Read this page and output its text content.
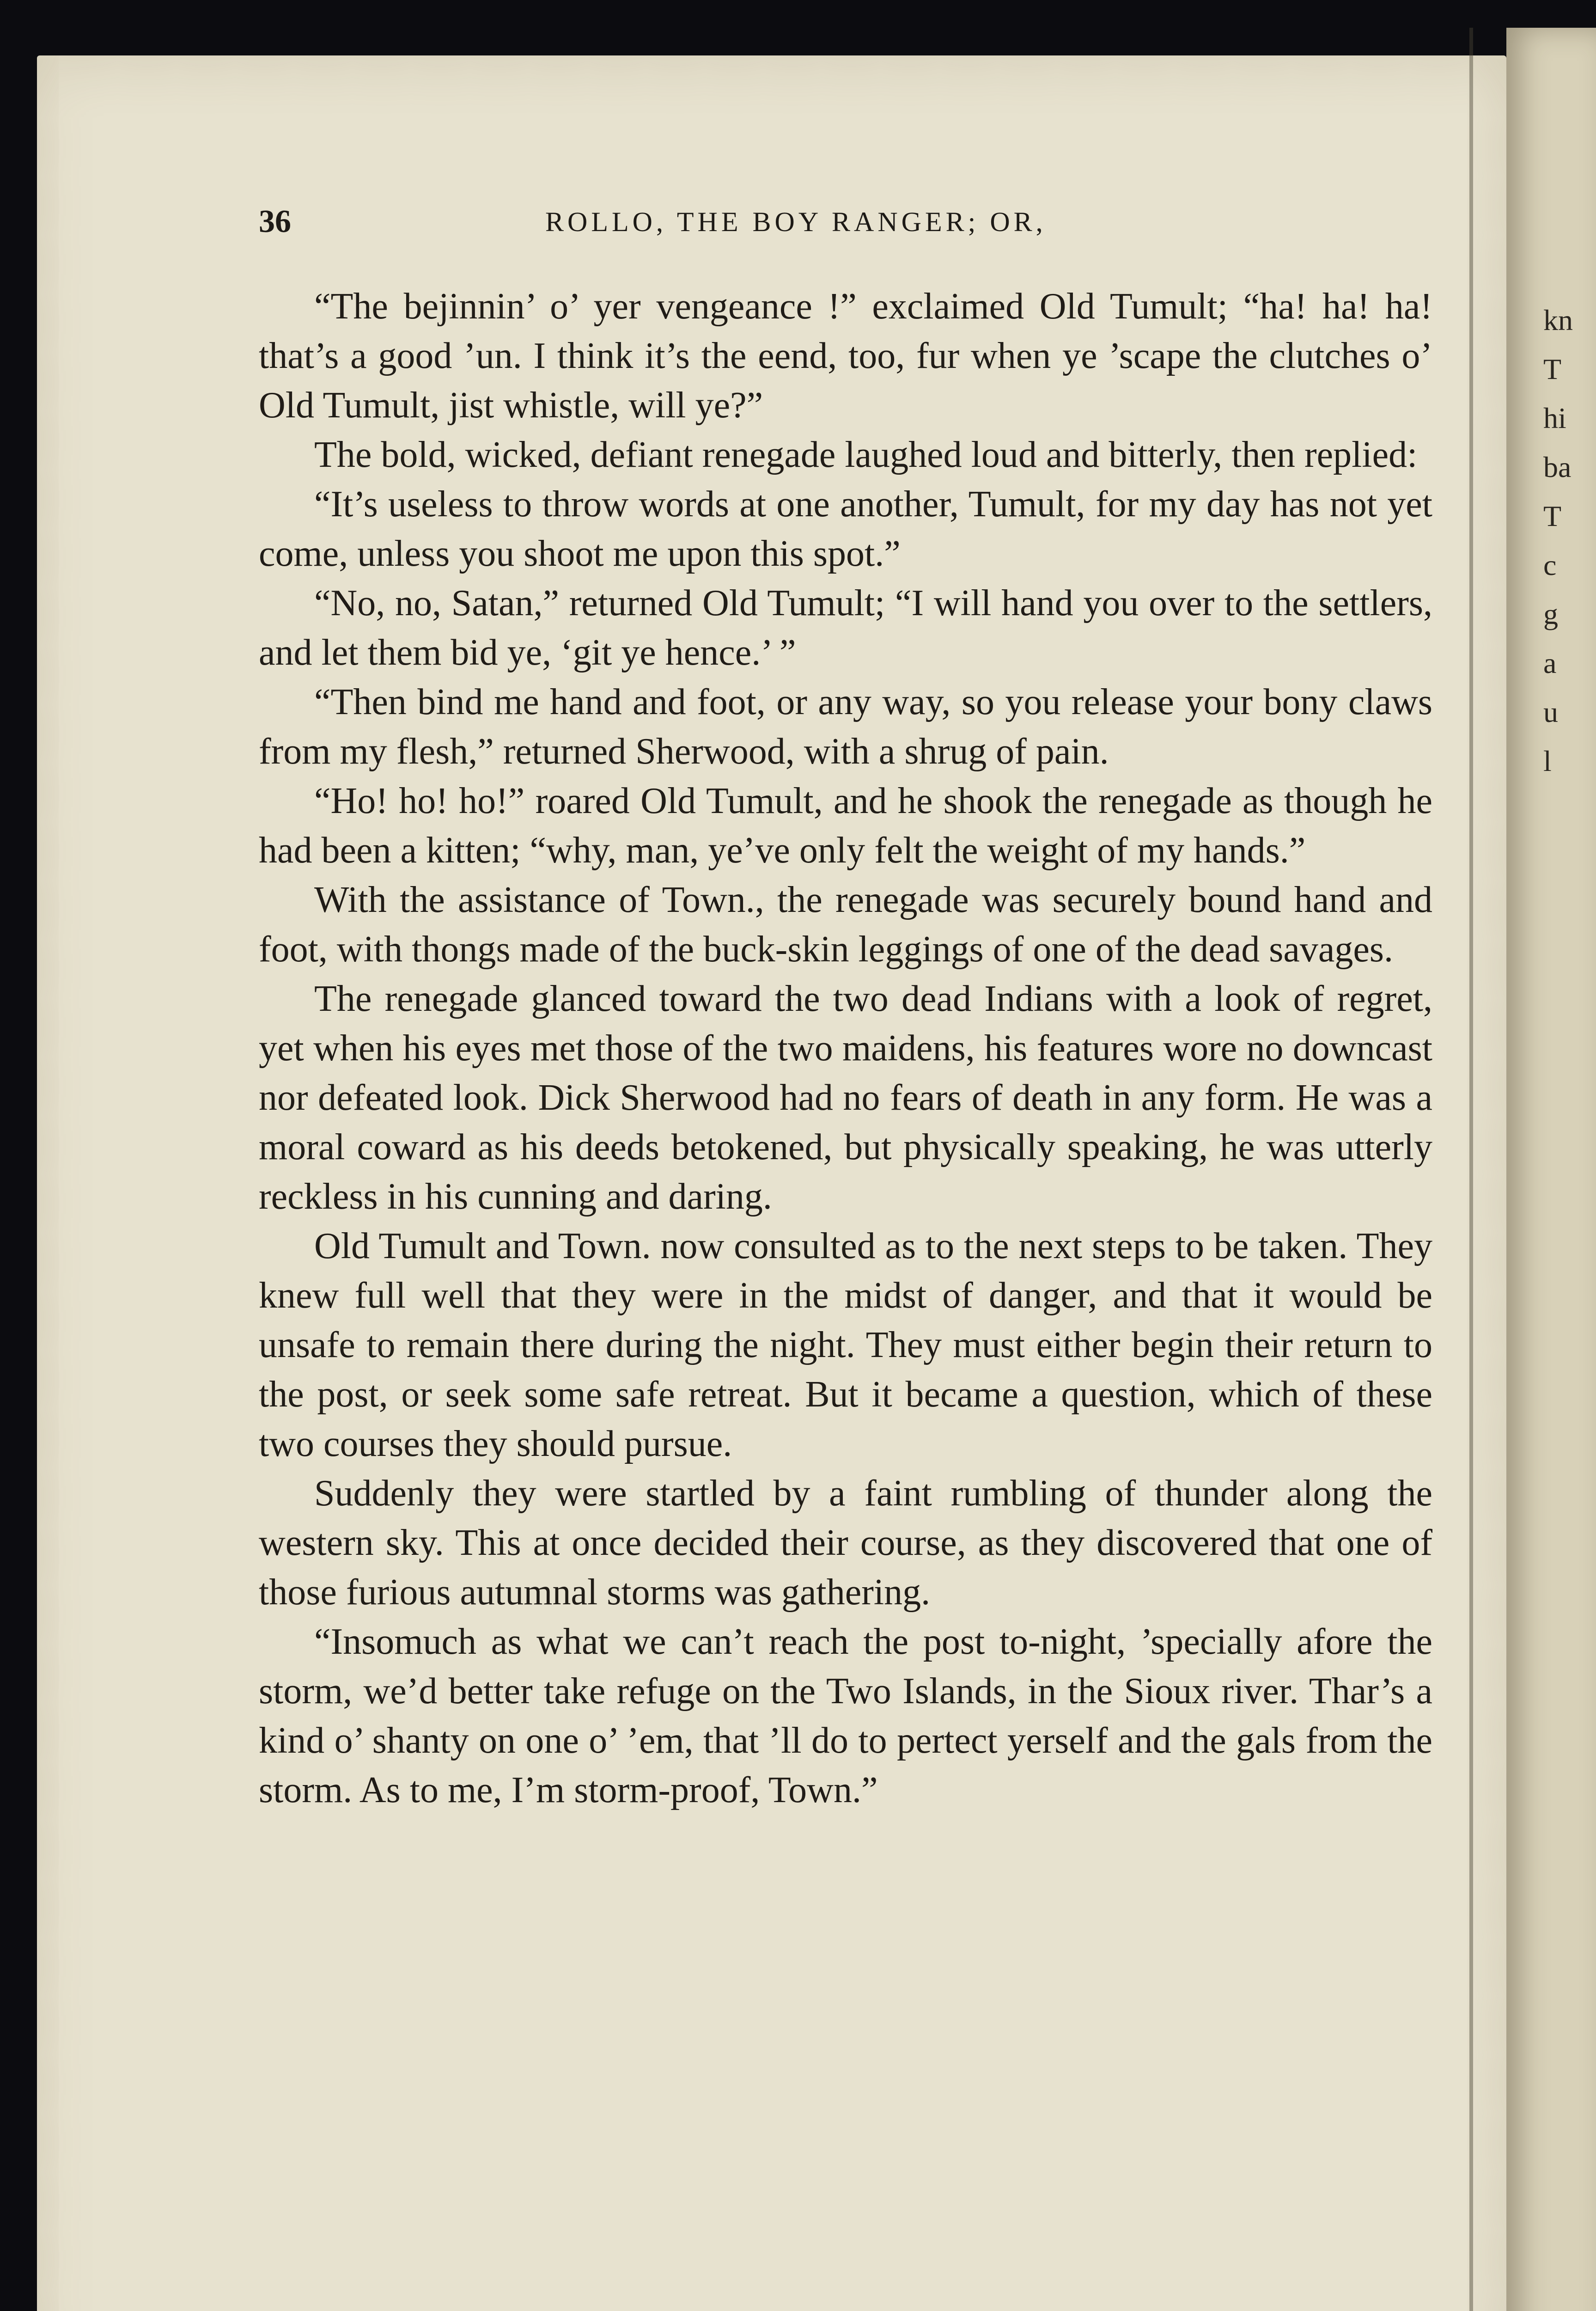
kn
T
hi
ba
T
c
g
a
u
l
36	ROLLO, THE BOY RANGER; OR,

“The bejinnin’ o’ yer vengeance !” exclaimed Old Tumult; “ha! ha! ha! that’s a good ’un. I think it’s the eend, too, fur when ye ’scape the clutches o’ Old Tumult, jist whistle, will ye?”

The bold, wicked, defiant renegade laughed loud and bitterly, then replied:

“It’s useless to throw words at one another, Tumult, for my day has not yet come, unless you shoot me upon this spot.”

“No, no, Satan,” returned Old Tumult; “I will hand you over to the settlers, and let them bid ye, ‘git ye hence.’ ”

“Then bind me hand and foot, or any way, so you release your bony claws from my flesh,” returned Sherwood, with a shrug of pain.

“Ho! ho! ho!” roared Old Tumult, and he shook the renegade as though he had been a kitten; “why, man, ye’ve only felt the weight of my hands.”

With the assistance of Town., the renegade was securely bound hand and foot, with thongs made of the buck-skin leggings of one of the dead savages.

The renegade glanced toward the two dead Indians with a look of regret, yet when his eyes met those of the two maidens, his features wore no downcast nor defeated look. Dick Sherwood had no fears of death in any form. He was a moral coward as his deeds betokened, but physically speaking, he was utterly reckless in his cunning and daring.

Old Tumult and Town. now consulted as to the next steps to be taken. They knew full well that they were in the midst of danger, and that it would be unsafe to remain there during the night. They must either begin their return to the post, or seek some safe retreat. But it became a question, which of these two courses they should pursue.

Suddenly they were startled by a faint rumbling of thunder along the western sky. This at once decided their course, as they discovered that one of those furious autumnal storms was gathering.

“Insomuch as what we can’t reach the post to-night, ’specially afore the storm, we’d better take refuge on the Two Islands, in the Sioux river. Thar’s a kind o’ shanty on one o’ ’em, that ’ll do to pertect yerself and the gals from the storm. As to me, I’m storm-proof, Town.”
